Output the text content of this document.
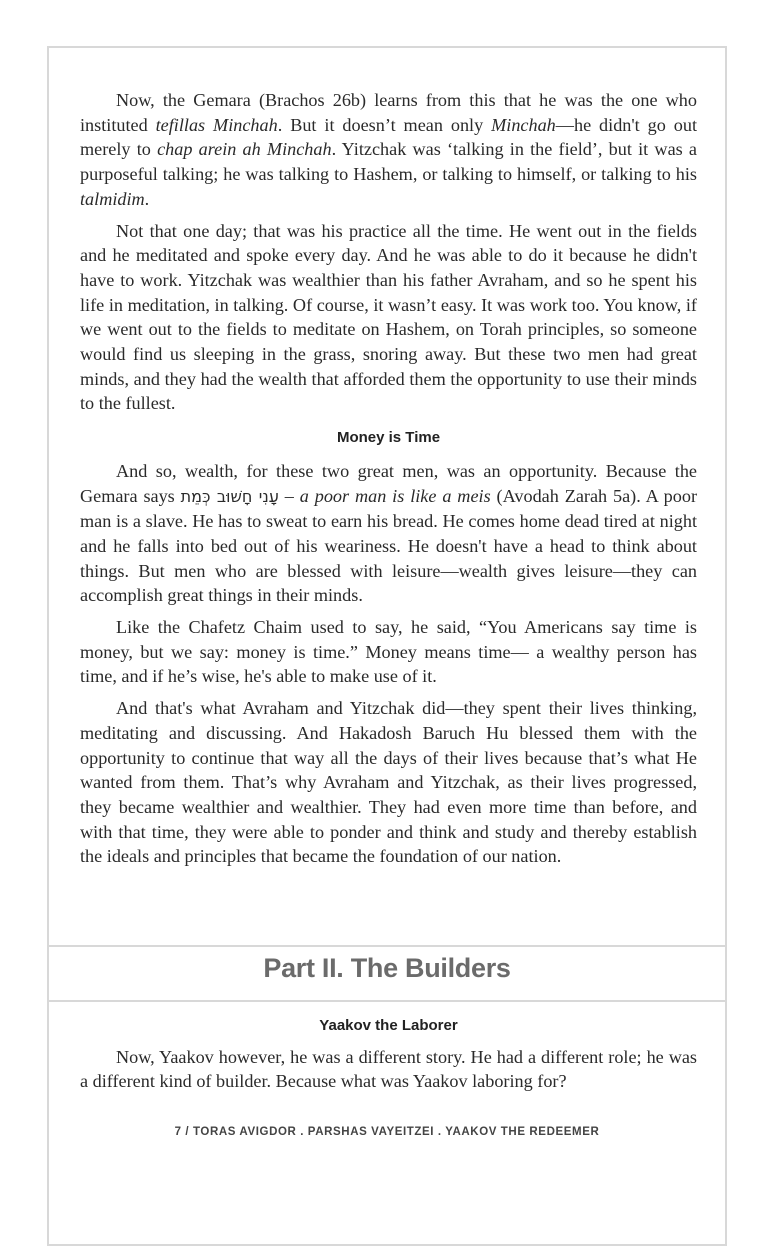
Now, the Gemara (Brachos 26b) learns from this that he was the one who instituted tefillas Minchah. But it doesn’t mean only Minchah—he didn't go out merely to chap arein ah Minchah. Yitzchak was ‘talking in the field’, but it was a purposeful talking; he was talking to Hashem, or talking to himself, or talking to his talmidim.

Not that one day; that was his practice all the time. He went out in the fields and he meditated and spoke every day. And he was able to do it because he didn't have to work. Yitzchak was wealthier than his father Avraham, and so he spent his life in meditation, in talking. Of course, it wasn’t easy. It was work too. You know, if we went out to the fields to meditate on Hashem, on Torah principles, so someone would find us sleeping in the grass, snoring away. But these two men had great minds, and they had the wealth that afforded them the opportunity to use their minds to the fullest.

Money is Time

And so, wealth, for these two great men, was an opportunity. Because the Gemara says עָנִי חָשׁוּב כְּמֵת – a poor man is like a meis (Avodah Zarah 5a). A poor man is a slave. He has to sweat to earn his bread. He comes home dead tired at night and he falls into bed out of his weariness. He doesn't have a head to think about things. But men who are blessed with leisure—wealth gives leisure—they can accomplish great things in their minds.

Like the Chafetz Chaim used to say, he said, “You Americans say time is money, but we say: money is time.” Money means time— a wealthy person has time, and if he’s wise, he's able to make use of it.

And that's what Avraham and Yitzchak did—they spent their lives thinking, meditating and discussing. And Hakadosh Baruch Hu blessed them with the opportunity to continue that way all the days of their lives because that’s what He wanted from them. That’s why Avraham and Yitzchak, as their lives progressed, they became wealthier and wealthier. They had even more time than before, and with that time, they were able to ponder and think and study and thereby establish the ideals and principles that became the foundation of our nation.

Part II. The Builders
Yaakov the Laborer

Now, Yaakov however, he was a different story. He had a different role; he was a different kind of builder. Because what was Yaakov laboring for?

7 / TORAS AVIGDOR . PARSHAS VAYEITZEI . YAAKOV THE REDEEMER
